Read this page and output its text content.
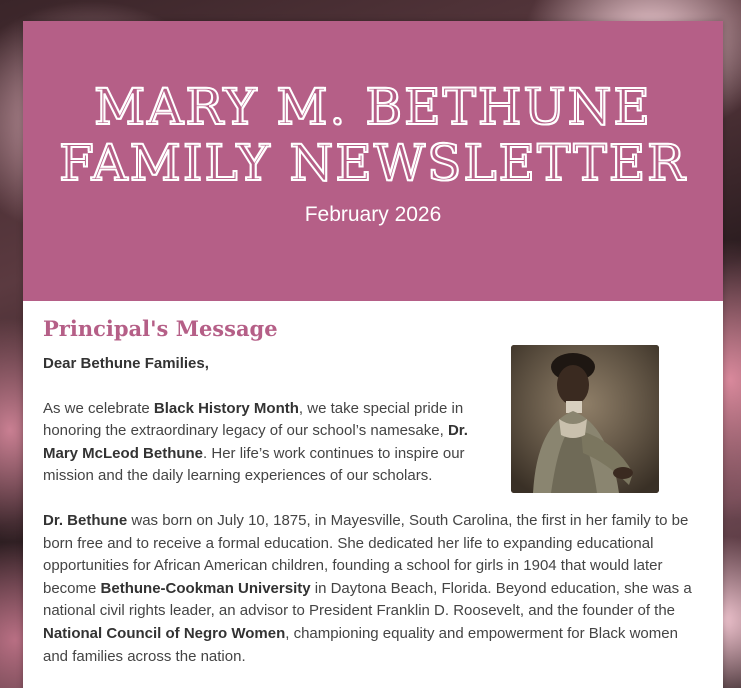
MARY M. BETHUNE
FAMILY NEWSLETTER
February 2026
Principal's Message

Dear Bethune Families,

As we celebrate Black History Month, we take special pride in honoring the extraordinary legacy of our school’s namesake, Dr. Mary McLeod Bethune. Her life’s work continues to inspire our mission and the daily learning experiences of our scholars.

Dr. Bethune was born on July 10, 1875, in Mayesville, South Carolina, the first in her family to be born free and to receive a formal education. She dedicated her life to expanding educational opportunities for African American children, founding a school for girls in 1904 that would later become Bethune-Cookman University in Daytona Beach, Florida. Beyond education, she was a national civil rights leader, an advisor to President Franklin D. Roosevelt, and the founder of the National Council of Negro Women, championing equality and empowerment for Black women and families across the nation.
